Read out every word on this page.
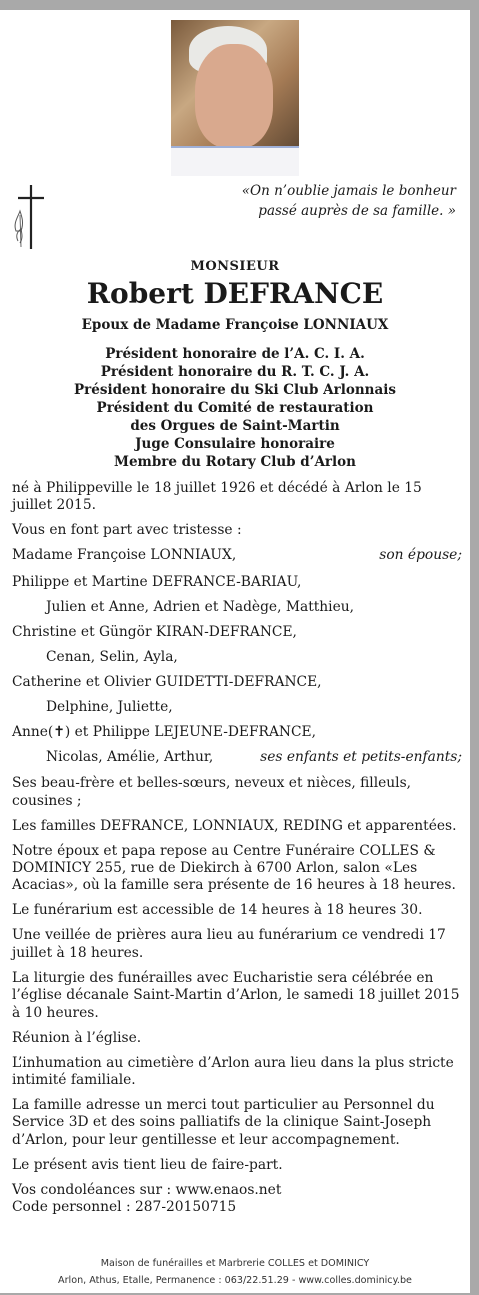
«On n’oublie jamais le bonheur passé auprès de sa famille. »
MONSIEUR
Robert DEFRANCE
Epoux de Madame Françoise LONNIAUX
Président honoraire de l’A. C. I. A.
Président honoraire du R. T. C. J. A.
Président honoraire du Ski Club Arlonnais
Président du Comité de restauration
des Orgues de Saint-Martin
Juge Consulaire honoraire
Membre du Rotary Club d’Arlon

né à Philippeville le 18 juillet 1926 et décédé à Arlon le 15 juillet 2015.

Vous en font part avec tristesse :

Madame Françoise LONNIAUX,	son épouse;

Philippe et Martine DEFRANCE-BARIAU,

Julien et Anne, Adrien et Nadège, Matthieu,

Christine et Güngör KIRAN-DEFRANCE,

Cenan, Selin, Ayla,

Catherine et Olivier GUIDETTI-DEFRANCE,

Delphine, Juliette,

Anne(✝) et Philippe LEJEUNE-DEFRANCE,

Nicolas, Amélie, Arthur,	ses enfants et petits-enfants;

Ses beau-frère et belles-sœurs, neveux et nièces, filleuls, cousines ;

Les familles DEFRANCE, LONNIAUX, REDING et apparentées.

Notre époux et papa repose au Centre Funéraire COLLES & DOMINICY 255, rue de Diekirch à 6700 Arlon, salon «Les Acacias», où la famille sera présente de 16 heures à 18 heures.

Le funérarium est accessible de 14 heures à 18 heures 30.

Une veillée de prières aura lieu au funérarium ce vendredi 17 juillet à 18 heures.

La liturgie des funérailles avec Eucharistie sera célébrée en l’église décanale Saint-Martin d’Arlon, le samedi 18 juillet 2015 à 10 heures.

Réunion à l’église.

L’inhumation au cimetière d’Arlon aura lieu dans la plus stricte intimité familiale.

La famille adresse un merci tout particulier au Personnel du Service 3D et des soins palliatifs de la clinique Saint-Joseph d’Arlon, pour leur gentillesse et leur accompagnement.

Le présent avis tient lieu de faire-part.

Vos condoléances sur : www.enaos.net
Code personnel : 287-20150715
Maison de funérailles et Marbrerie COLLES et DOMINICY
Arlon, Athus, Etalle, Permanence : 063/22.51.29 - www.colles.dominicy.be
